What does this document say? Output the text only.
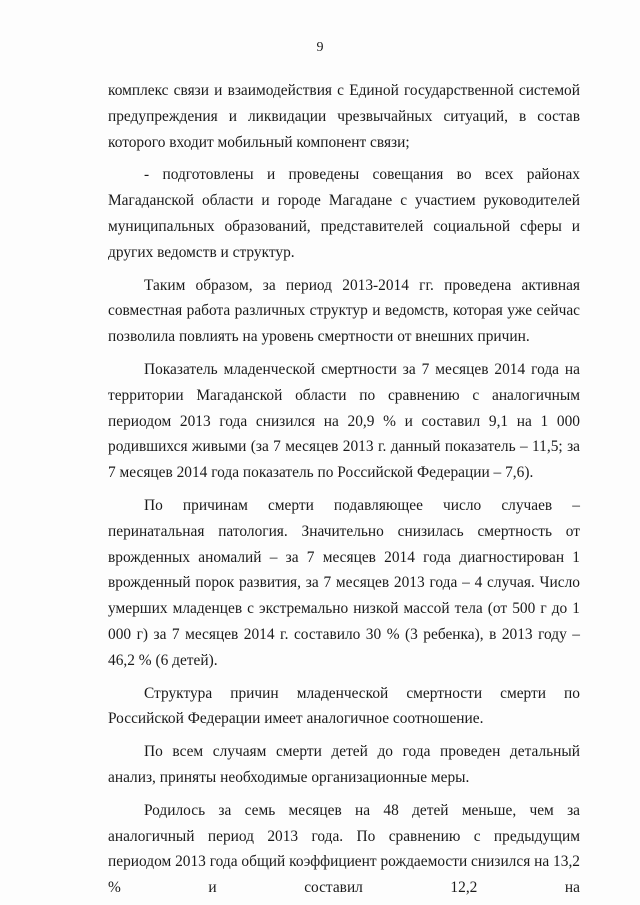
9

комплекс связи и взаимодействия с Единой государственной системой предупреждения и ликвидации чрезвычайных ситуаций, в состав которого входит мобильный компонент связи;

- подготовлены и проведены совещания во всех районах Магаданской области и городе Магадане с участием руководителей муниципальных образований, представителей социальной сферы и других ведомств и структур.

Таким образом, за период 2013-2014 гг. проведена активная совместная работа различных структур и ведомств, которая уже сейчас позволила повлиять на уровень смертности от внешних причин.

Показатель младенческой смертности за 7 месяцев 2014 года на территории Магаданской области по сравнению с аналогичным периодом 2013 года снизился на 20,9 % и составил 9,1 на 1 000 родившихся живыми (за 7 месяцев 2013 г. данный показатель – 11,5; за 7 месяцев 2014 года показатель по Российской Федерации – 7,6).

По причинам смерти подавляющее число случаев – перинатальная патология. Значительно снизилась смертность от врожденных аномалий – за 7 месяцев 2014 года диагностирован 1 врожденный порок развития, за 7 месяцев 2013 года – 4 случая. Число умерших младенцев с экстремально низкой массой тела (от 500 г до 1 000 г) за 7 месяцев 2014 г. составило 30 % (3 ребенка), в 2013 году – 46,2 % (6 детей).

Структура причин младенческой смертности смерти по Российской Федерации имеет аналогичное соотношение.

По всем случаям смерти детей до года проведен детальный анализ, приняты необходимые организационные меры.

Родилось за семь месяцев на 48 детей меньше, чем за аналогичный период 2013 года. По сравнению с предыдущим периодом 2013 года общий коэффициент рождаемости снизился на 13,2 % и составил 12,2 на
